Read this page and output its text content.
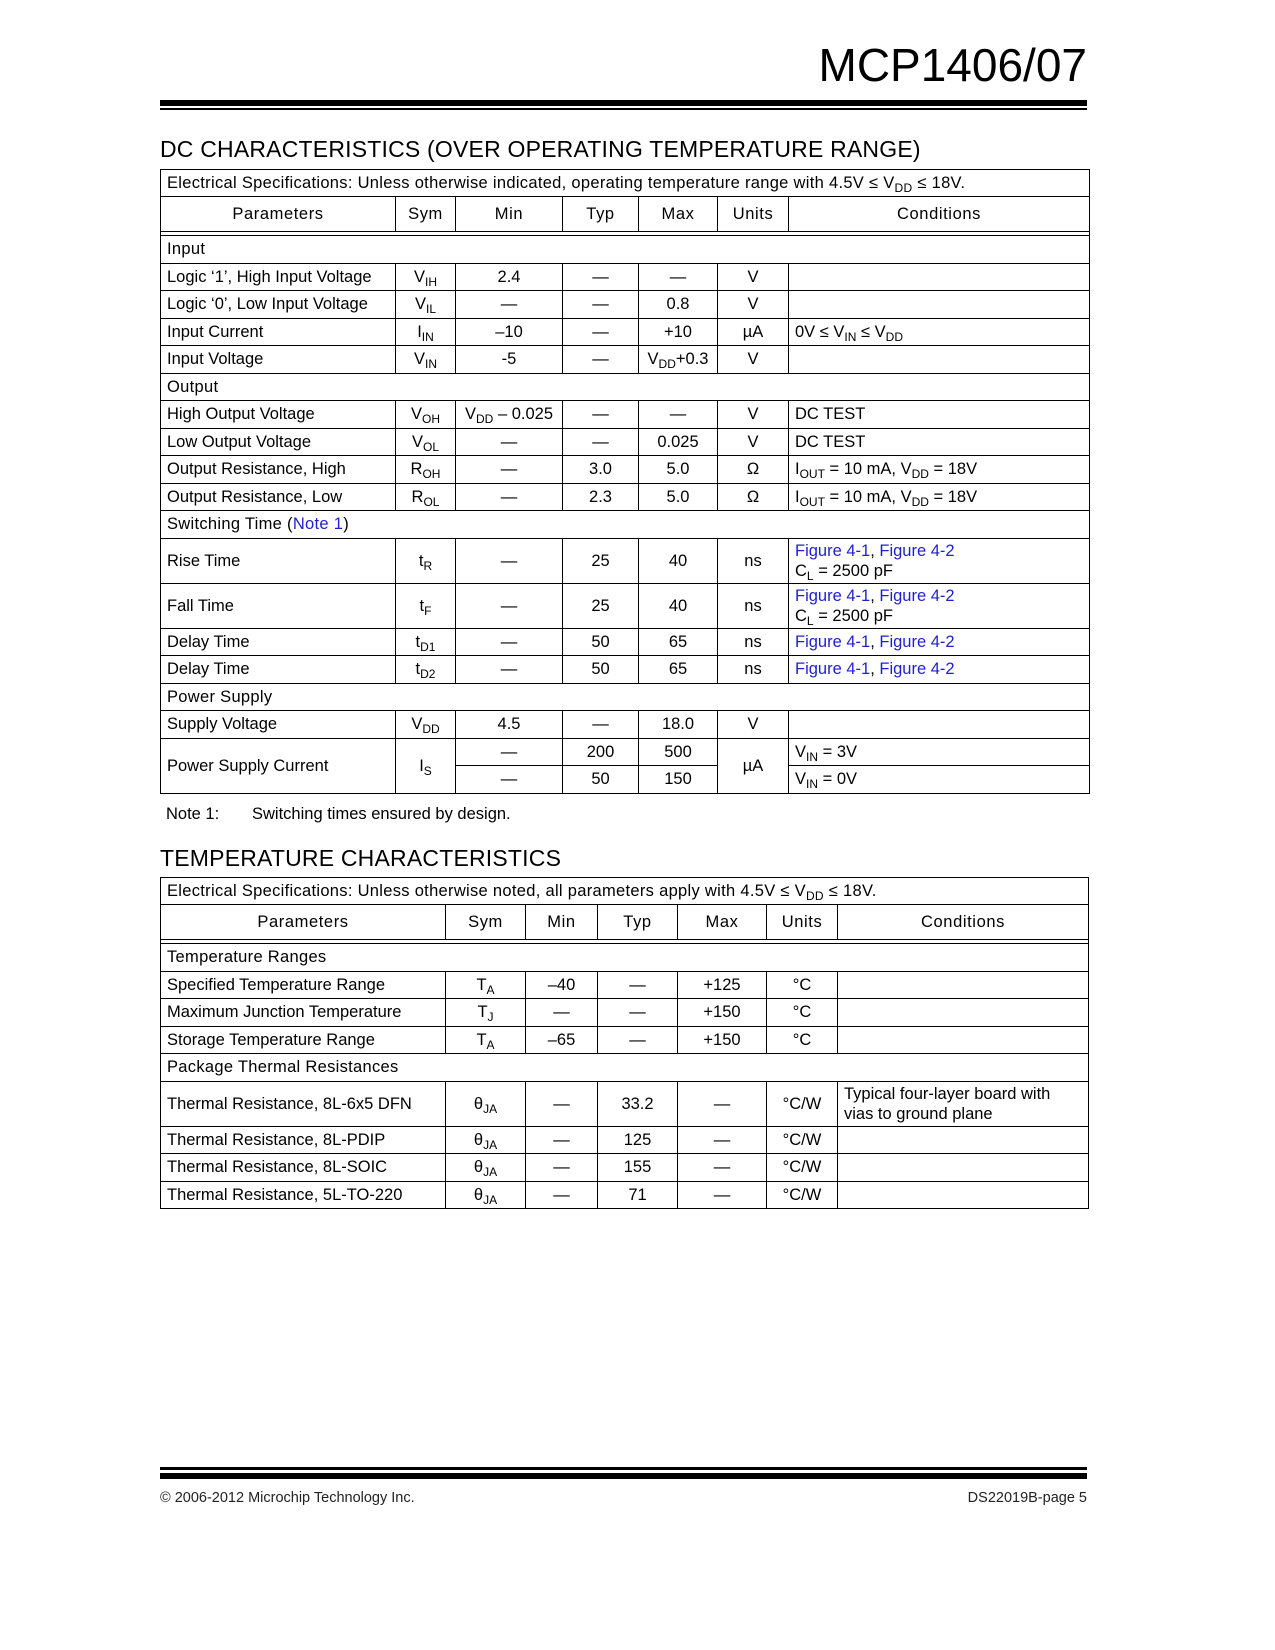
MCP1406/07
DC CHARACTERISTICS (OVER OPERATING TEMPERATURE RANGE)
Electrical Specifications: Unless otherwise indicated, operating temperature range with $4.5V \le V_{DD} \le 18V$.						
Parameters	Sym	Min	Typ	Max	Units	Conditions

Input						
Logic ‘1’, High Input Voltage	$V_{IH}$	2.4	—	—	V	
Logic ‘0’, Low Input Voltage	$V_{IL}$	—	—	0.8	V	
Input Current	$I_{IN}$	–10	—	+10	µA	$0V \le V_{IN} \le V_{DD}$
Input Voltage	$V_{IN}$	-5	—	$V_{DD}+0.3$	V	
Output						
High Output Voltage	$V_{OH}$	$V_{DD} - 0.025$	—	—	V	DC TEST
Low Output Voltage	$V_{OL}$	—	—	0.025	V	DC TEST
Output Resistance, High	$R_{OH}$	—	3.0	5.0	Ω	$I_{OUT} = 10$ mA, $V_{DD} = 18V$
Output Resistance, Low	$R_{OL}$	—	2.3	5.0	Ω	$I_{OUT} = 10$ mA, $V_{DD} = 18V$
Switching Time (Note 1)						
Rise Time	$t_R$	—	25	40	ns	Figure 4-1, Figure 4-2
$C_L = 2500$ pF
Fall Time	$t_F$	—	25	40	ns	Figure 4-1, Figure 4-2
$C_L = 2500$ pF
Delay Time	$t_{D1}$	—	50	65	ns	Figure 4-1, Figure 4-2
Delay Time	$t_{D2}$	—	50	65	ns	Figure 4-1, Figure 4-2
Power Supply						
Supply Voltage	$V_{DD}$	4.5	—	18.0	V	
Power Supply Current	$I_S$	—	200	500	µA	$V_{IN} = 3V$
		—	50	150		$V_{IN} = 0V$
Note 1: Switching times ensured by design.
TEMPERATURE CHARACTERISTICS
Electrical Specifications: Unless otherwise noted, all parameters apply with $4.5V \le V_{DD} \le 18V$.						
Parameters	Sym	Min	Typ	Max	Units	Conditions

Temperature Ranges						
Specified Temperature Range	$T_A$	–40	—	+125	°C	
Maximum Junction Temperature	$T_J$	—	—	+150	°C	
Storage Temperature Range	$T_A$	–65	—	+150	°C	
Package Thermal Resistances						
Thermal Resistance, 8L-6x5 DFN	$\theta_{JA}$	—	33.2	—	°C/W	Typical four-layer board with vias to ground plane
Thermal Resistance, 8L-PDIP	$\theta_{JA}$	—	125	—	°C/W	
Thermal Resistance, 8L-SOIC	$\theta_{JA}$	—	155	—	°C/W	
Thermal Resistance, 5L-TO-220	$\theta_{JA}$	—	71	—	°C/W	
© 2006-2012 Microchip Technology Inc.	DS22019B-page 5
